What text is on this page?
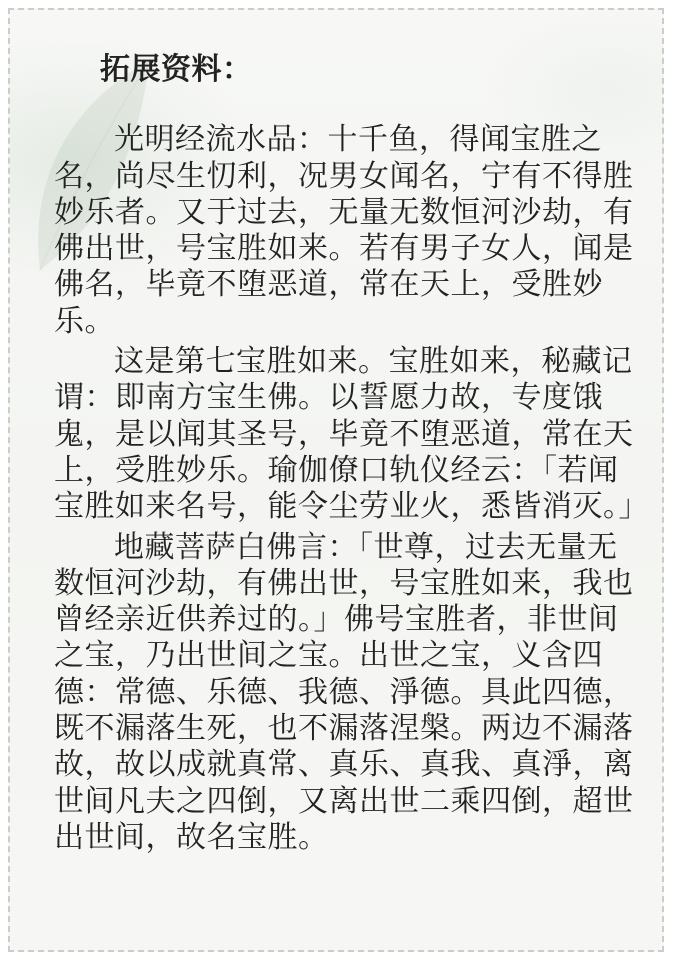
拓展资料：

光明经流水品：十千鱼，得闻宝胜之名，尚尽生忉利，况男女闻名，宁有不得胜妙乐者。又于过去，无量无数恒河沙劫，有佛出世，号宝胜如来。若有男子女人，闻是佛名，毕竟不堕恶道，常在天上，受胜妙乐。

这是第七宝胜如来。宝胜如来，秘藏记谓：即南方宝生佛。以誓愿力故，专度饿鬼，是以闻其圣号，毕竟不堕恶道，常在天上，受胜妙乐。瑜伽僚口轨仪经云：「若闻宝胜如来名号，能令尘劳业火，悉皆消灭。」

地藏菩萨白佛言：「世尊，过去无量无数恒河沙劫，有佛出世，号宝胜如来，我也曾经亲近供养过的。」佛号宝胜者，非世间之宝，乃出世间之宝。出世之宝，义含四德：常德、乐德、我德、淨德。具此四德，既不漏落生死，也不漏落涅槃。两边不漏落故，故以成就真常、真乐、真我、真淨，离世间凡夫之四倒，又离出世二乘四倒，超世出世间，故名宝胜。
